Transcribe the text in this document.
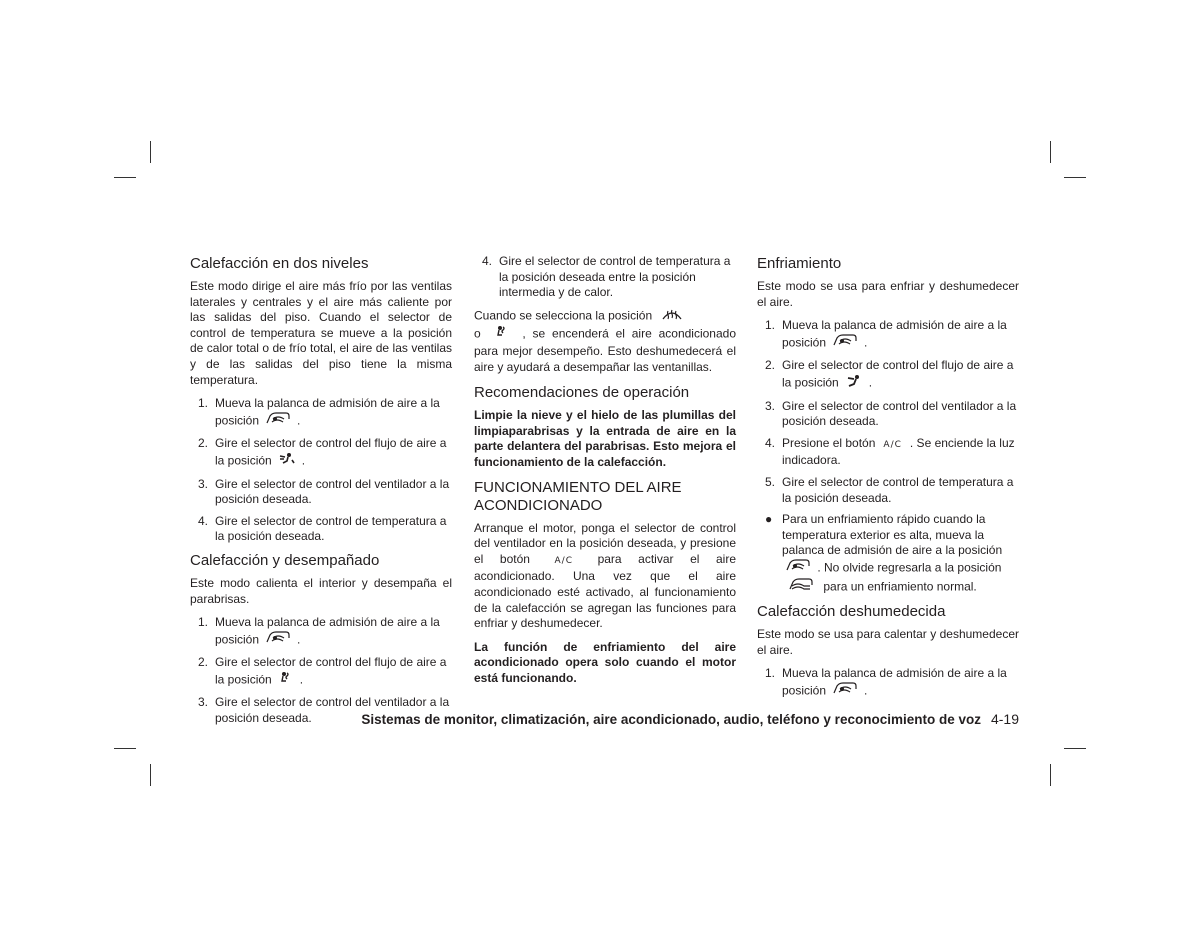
Calefacción en dos niveles

Este modo dirige el aire más frío por las ventilas laterales y centrales y el aire más caliente por las salidas del piso. Cuando el selector de control de temperatura se mueve a la posición de calor total o de frío total, el aire de las ventilas y de las salidas del piso tiene la misma temperatura.

1. Mueva la palanca de admisión de aire a la posición	.
2. Gire el selector de control del flujo de aire a la posición	.
3. Gire el selector de control del ventilador a la posición deseada.
4. Gire el selector de control de temperatura a la posición deseada.
Calefacción y desempañado

Este modo calienta el interior y desempaña el parabrisas.

1. Mueva la palanca de admisión de aire a la posición	.
2. Gire el selector de control del flujo de aire a la posición .
3. Gire el selector de control del ventilador a la posición deseada.
4. Gire el selector de control de temperatura a la posición deseada entre la posición intermedia y de calor.

Cuando se selecciona la posición
o	, se encenderá el aire acondicionado para mejor desempeño. Esto deshumedecerá el aire y ayudará a desempañar las ventanillas.

Recomendaciones de operación

Limpie la nieve y el hielo de las plumillas del limpiaparabrisas y la entrada de aire en la parte delantera del parabrisas. Esto mejora el funcionamiento de la calefacción.

FUNCIONAMIENTO DEL AIRE ACONDICIONADO

Arranque el motor, ponga el selector de control del ventilador en la posición deseada, y presione el botón	A/C para activar el aire acondicionado. Una vez que el aire acondicionado esté activado, al funcionamiento de la calefacción se agregan las funciones para enfriar y deshumedecer.

La función de enfriamiento del aire acondicionado opera solo cuando el motor está funcionando.

Enfriamiento

Este modo se usa para enfriar y deshumedecer el aire.

1. Mueva la palanca de admisión de aire a la posición	.
2. Gire el selector de control del flujo de aire a la posición	.
3. Gire el selector de control del ventilador a la posición deseada.
4. Presione el botón A/C . Se enciende la luz indicadora.
5. Gire el selector de control de temperatura a la posición deseada.
● Para un enfriamiento rápido cuando la temperatura exterior es alta, mueva la palanca de admisión de aire a la posición  . No olvide regresarla a la posición  para un enfriamiento normal.
Calefacción deshumedecida

Este modo se usa para calentar y deshumedecer el aire.

1. Mueva la palanca de admisión de aire a la posición	.
Sistemas de monitor, climatización, aire acondicionado, audio, teléfono y reconocimiento de voz 4-19
